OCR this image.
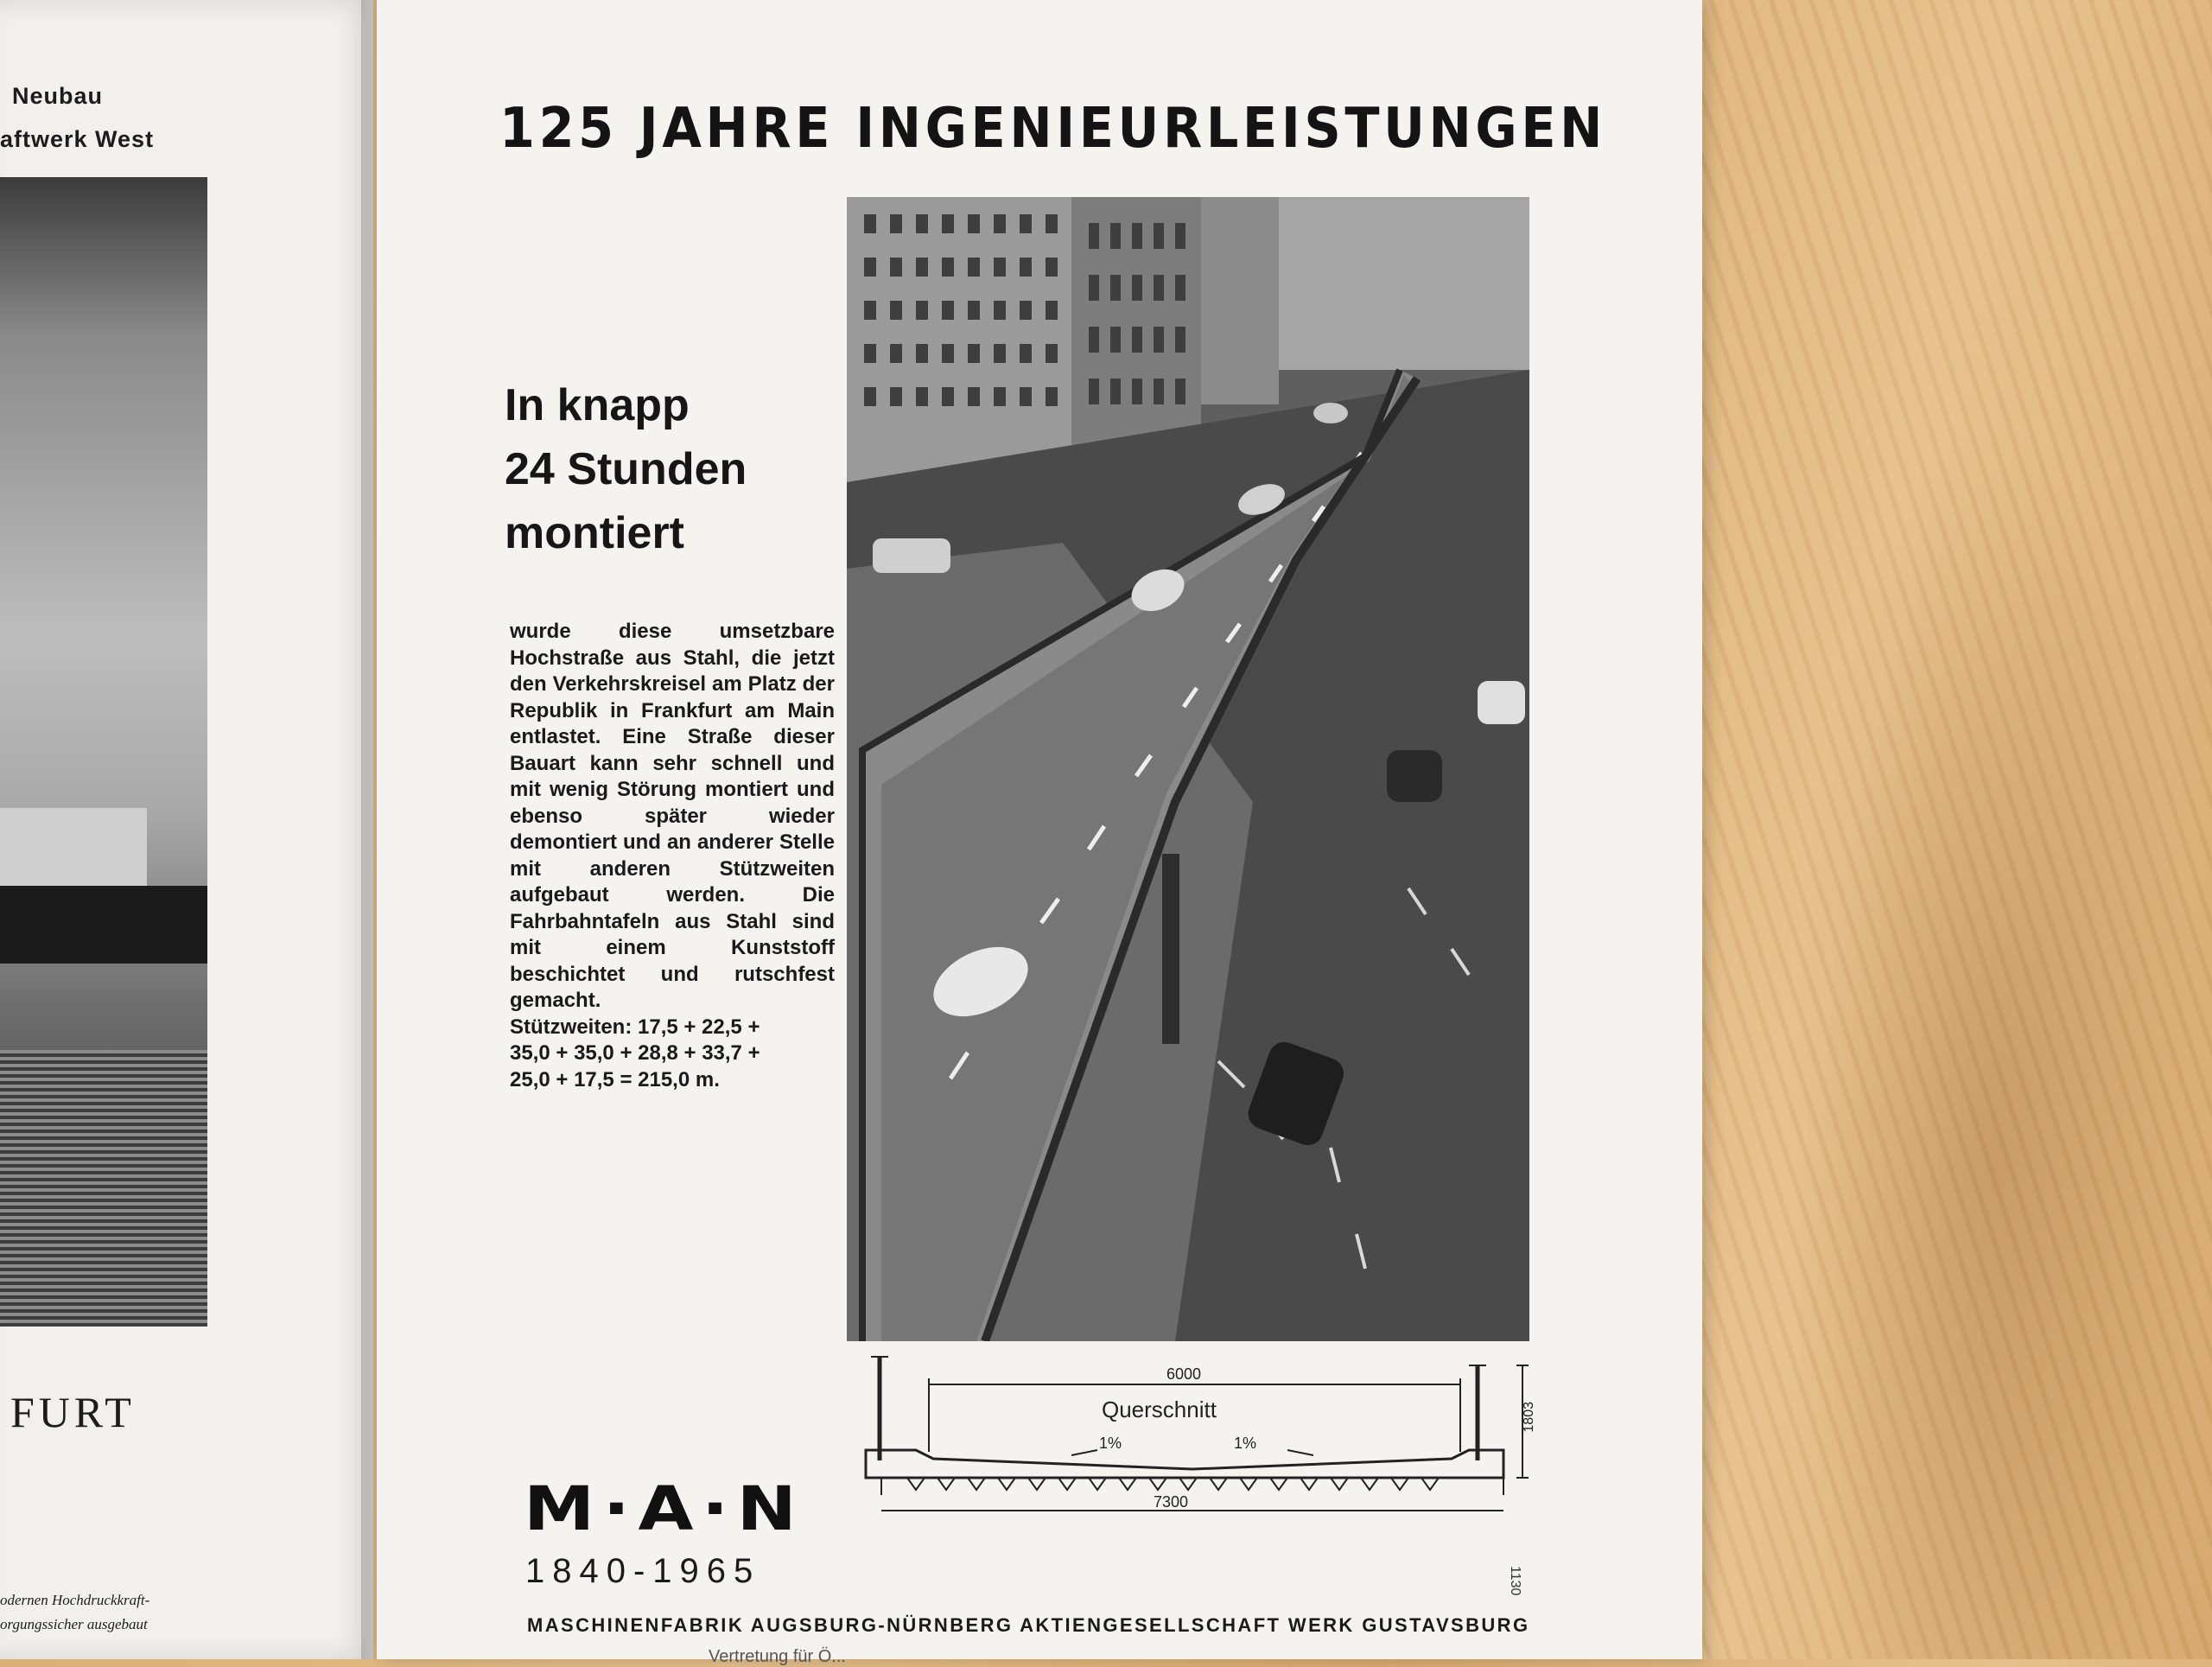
Neubau
aftwerk West
FURT
odernen Hochdruckkraft-
orgungssicher ausgebaut
125 JAHRE INGENIEURLEISTUNGEN
In knapp
24 Stunden
montiert
wurde diese umsetzbare Hochstraße aus Stahl, die jetzt den Verkehrskreisel am Platz der Republik in Frankfurt am Main entlastet. Eine Straße dieser Bauart kann sehr schnell und mit wenig Störung montiert und ebenso später wieder demontiert und an anderer Stelle mit anderen Stützweiten aufgebaut werden. Die Fahrbahntafeln aus Stahl sind mit einem Kunststoff beschichtet und rutschfest gemacht.
Stützweiten: 17,5 + 22,5 +
35,0 + 35,0 + 28,8 + 33,7 +
25,0 + 17,5 = 215,0 m.
6000
Querschnitt
1%	1%
7300
1803
M·A·N
1840-1965	1130
MASCHINENFABRIK AUGSBURG-NÜRNBERG AKTIENGESELLSCHAFT WERK GUSTAVSBURG
Vertretung für Ö...
